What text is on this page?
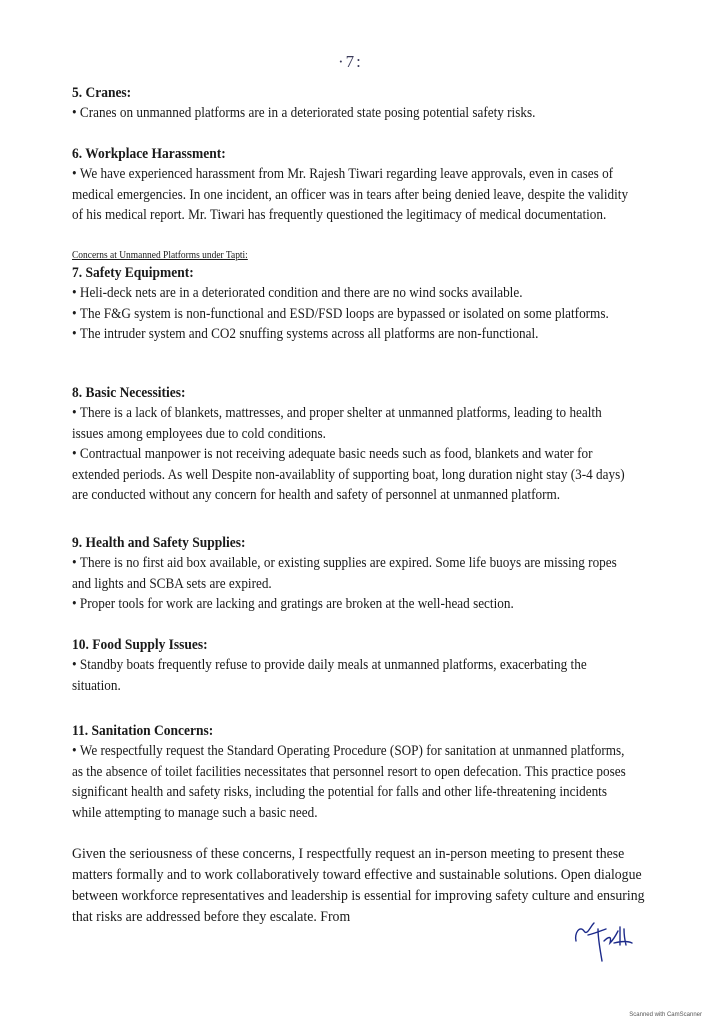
·7:

5. Cranes:

• Cranes on unmanned platforms are in a deteriorated state posing potential safety risks.

6. Workplace Harassment:

• We have experienced harassment from Mr. Rajesh Tiwari regarding leave approvals, even in cases of medical emergencies. In one incident, an officer was in tears after being denied leave, despite the validity of his medical report. Mr. Tiwari has frequently questioned the legitimacy of medical documentation.

Concerns at Unmanned Platforms under Tapti:

7. Safety Equipment:

• Heli-deck nets are in a deteriorated condition and there are no wind socks available.

• The F&G system is non-functional and ESD/FSD loops are bypassed or isolated on some platforms.

• The intruder system and CO2 snuffing systems across all platforms are non-functional.

8. Basic Necessities:

• There is a lack of blankets, mattresses, and proper shelter at unmanned platforms, leading to health issues among employees due to cold conditions.

• Contractual manpower is not receiving adequate basic needs such as food, blankets and water for extended periods. As well Despite non-availablity of supporting boat, long duration night stay (3-4 days) are conducted without any concern for health and safety of personnel at unmanned platform.

9. Health and Safety Supplies:

• There is no first aid box available, or existing supplies are expired. Some life buoys are missing ropes and lights and SCBA sets are expired.

• Proper tools for work are lacking and gratings are broken at the well-head section.

10. Food Supply Issues:

• Standby boats frequently refuse to provide daily meals at unmanned platforms, exacerbating the situation.

11. Sanitation Concerns:

• We respectfully request the Standard Operating Procedure (SOP) for sanitation at unmanned platforms, as the absence of toilet facilities necessitates that personnel resort to open defecation. This practice poses significant health and safety risks, including the potential for falls and other life-threatening incidents while attempting to manage such a basic need.

Given the seriousness of these concerns, I respectfully request an in-person meeting to present these matters formally and to work collaboratively toward effective and sustainable solutions. Open dialogue between workforce representatives and leadership is essential for improving safety culture and ensuring that risks are addressed before they escalate. From

Scanned with CamScanner
